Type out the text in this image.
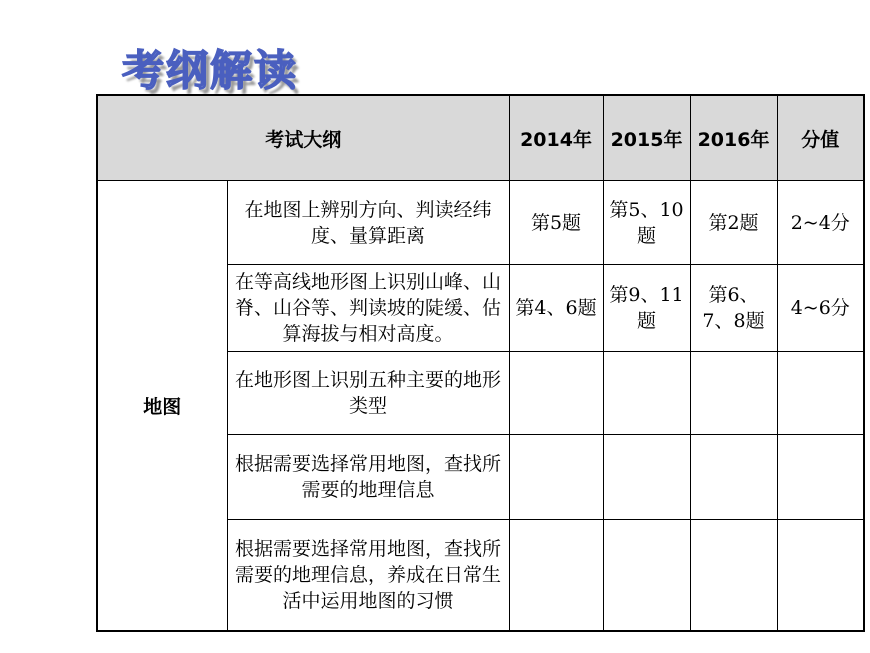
考纲解读
考试大纲		2014年	2015年	2016年	分值
地图	在地图上辨别方向、判读经纬度、量算距离	第5题	第5、10题	第2题	2~4分
	在等高线地形图上识别山峰、山脊、山谷等、判读坡的陡缓、估算海拔与相对高度。	第4、6题	第9、11题	第6、7、8题	4~6分
	在地形图上识别五种主要的地形类型				
	根据需要选择常用地图，查找所需要的地理信息				
	根据需要选择常用地图，查找所需要的地理信息，养成在日常生活中运用地图的习惯				
